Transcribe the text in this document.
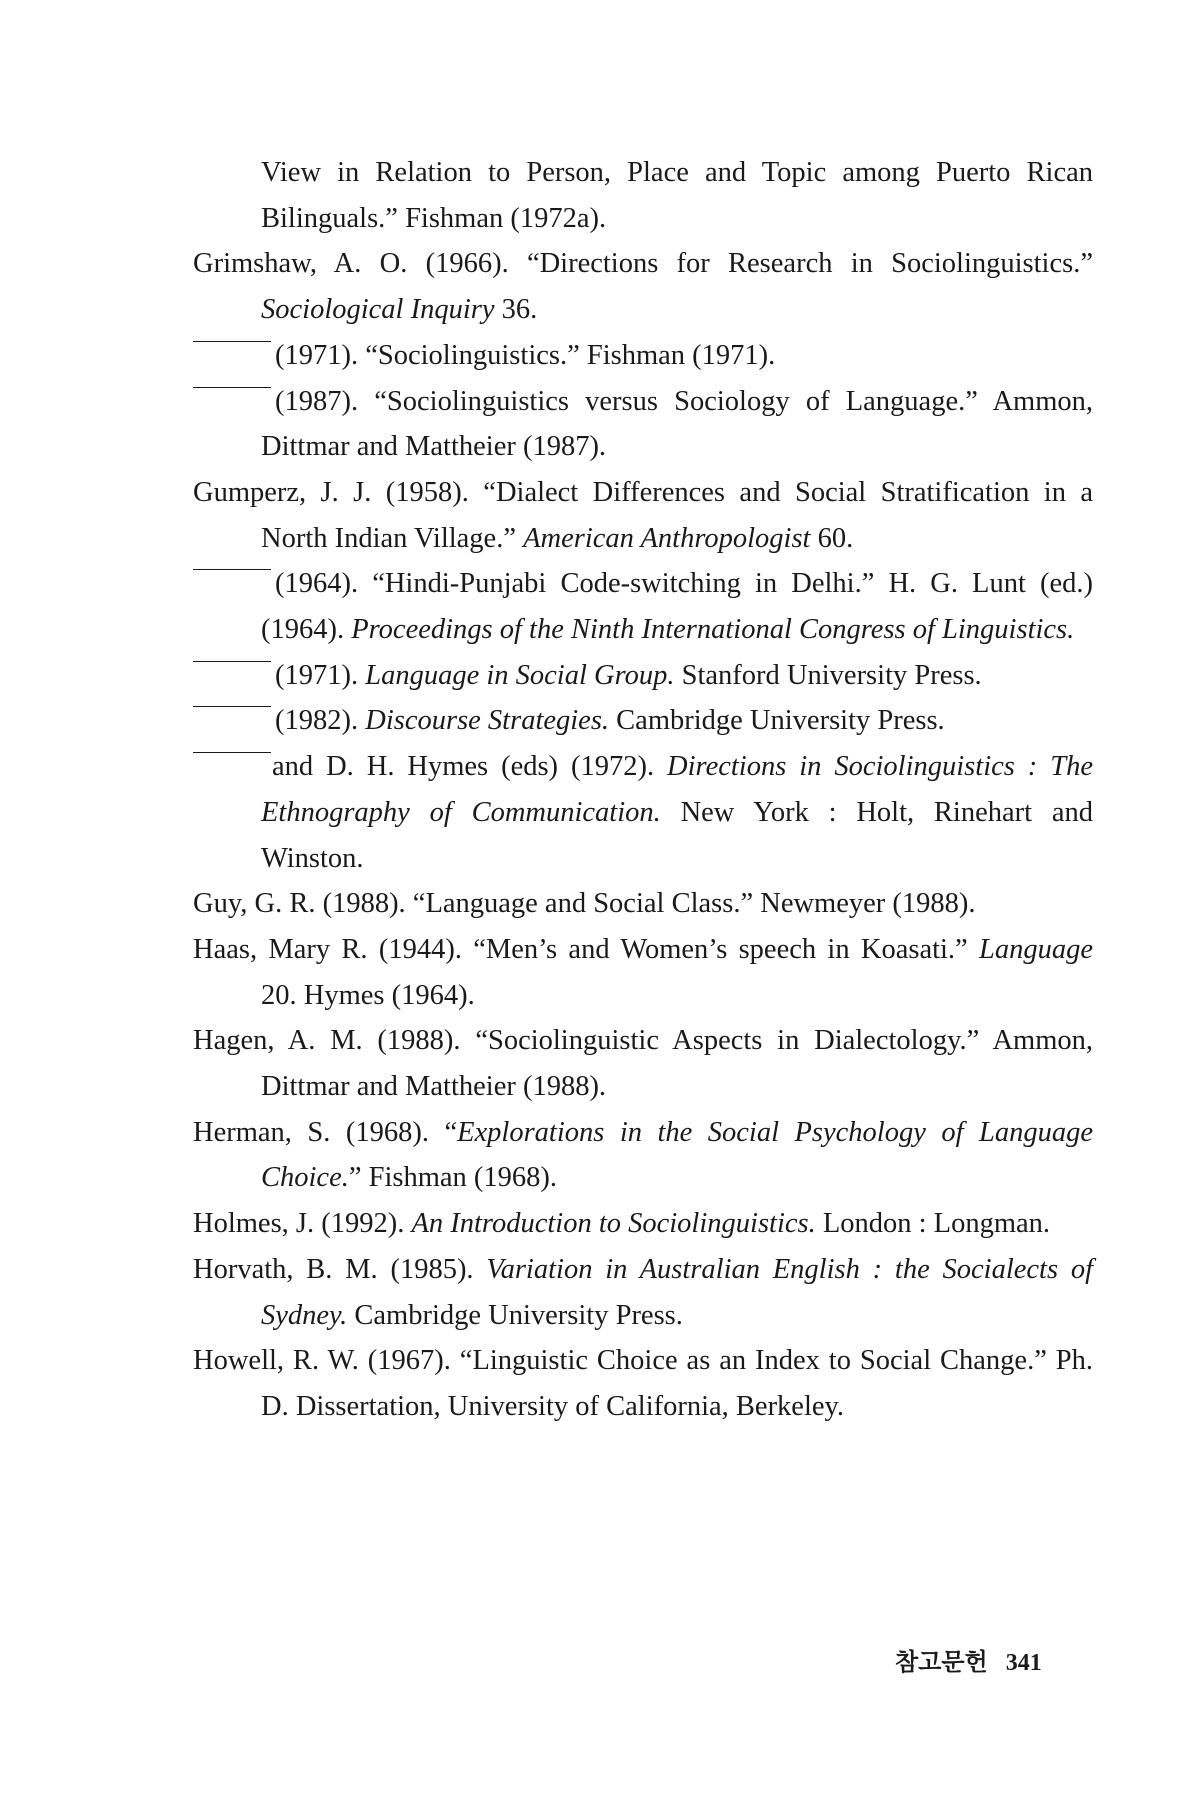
View in Relation to Person, Place and Topic among Puerto Rican Bilinguals.” Fishman (1972a).
Grimshaw, A. O. (1966). “Directions for Research in Sociolinguistics.” Sociological Inquiry 36.
(1971). “Sociolinguistics.” Fishman (1971).
(1987). “Sociolinguistics versus Sociology of Language.” Ammon, Dittmar and Mattheier (1987).
Gumperz, J. J. (1958). “Dialect Differences and Social Stratification in a North Indian Village.” American Anthropologist 60.
(1964). “Hindi-Punjabi Code-switching in Delhi.” H. G. Lunt (ed.) (1964). Proceedings of the Ninth International Congress of Linguistics.
(1971). Language in Social Group. Stanford University Press.
(1982). Discourse Strategies. Cambridge University Press.
and D. H. Hymes (eds) (1972). Directions in Sociolinguistics : The Ethnography of Communication. New York : Holt, Rinehart and Winston.
Guy, G. R. (1988). “Language and Social Class.” Newmeyer (1988).
Haas, Mary R. (1944). “Men’s and Women’s speech in Koasati.” Language 20. Hymes (1964).
Hagen, A. M. (1988). “Sociolinguistic Aspects in Dialectology.” Ammon, Dittmar and Mattheier (1988).
Herman, S. (1968). “Explorations in the Social Psychology of Language Choice.” Fishman (1968).
Holmes, J. (1992). An Introduction to Sociolinguistics. London : Longman.
Horvath, B. M. (1985). Variation in Australian English : the Socialects of Sydney. Cambridge University Press.
Howell, R. W. (1967). “Linguistic Choice as an Index to Social Change.” Ph. D. Dissertation, University of California, Berkeley.
참고문헌 341
